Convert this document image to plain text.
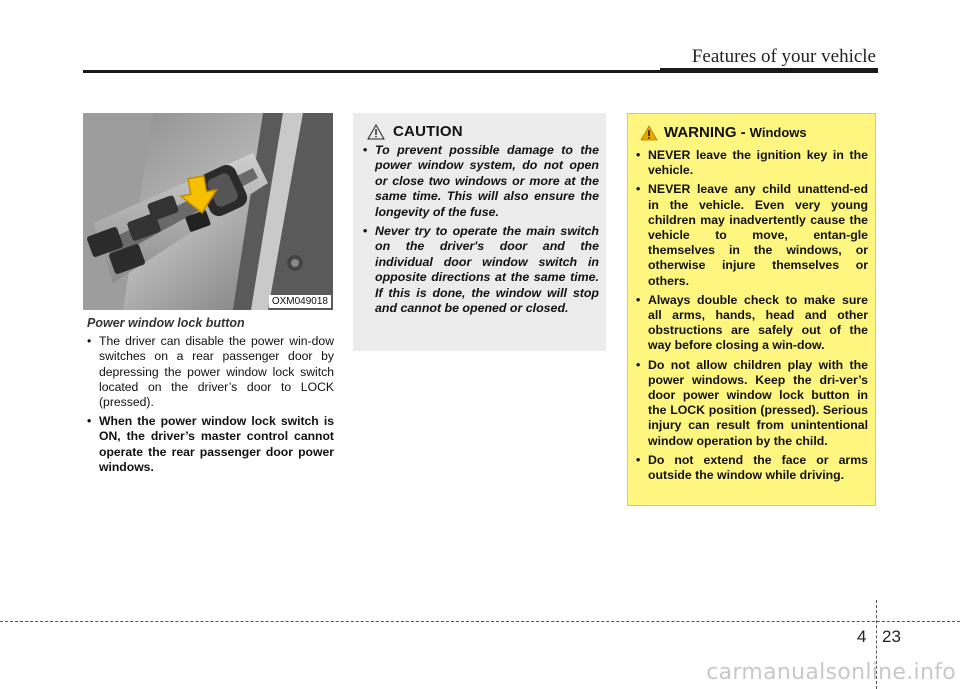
Features of your vehicle
OXM049018
Power window lock button
• The driver can disable the power win-dow switches on a rear passenger door by depressing the power window lock switch located on the driver’s door to LOCK (pressed).
• When the power window lock switch is ON, the driver’s master control cannot operate the rear passenger door power windows.
CAUTION
• To prevent possible damage to the power window system, do not open or close two windows or more at the same time. This will also ensure the longevity of the fuse.
• Never try to operate the main switch on the driver's door and the individual door window switch in opposite directions at the same time. If this is done, the window will stop and cannot be opened or closed.
WARNING - Windows
• NEVER leave the ignition key in the vehicle.
• NEVER leave any child unattend-ed in the vehicle. Even very young children may inadvertently cause the vehicle to move, entan-gle themselves in the windows, or otherwise injure themselves or others.
• Always double check to make sure all arms, hands, head and other obstructions are safely out of the way before closing a win-dow.
• Do not allow children play with the power windows. Keep the dri-ver’s door power window lock button in the LOCK position (pressed). Serious injury can result from unintentional window operation by the child.
• Do not extend the face or arms outside the window while driving.
4 23
carmanualsonline.info
